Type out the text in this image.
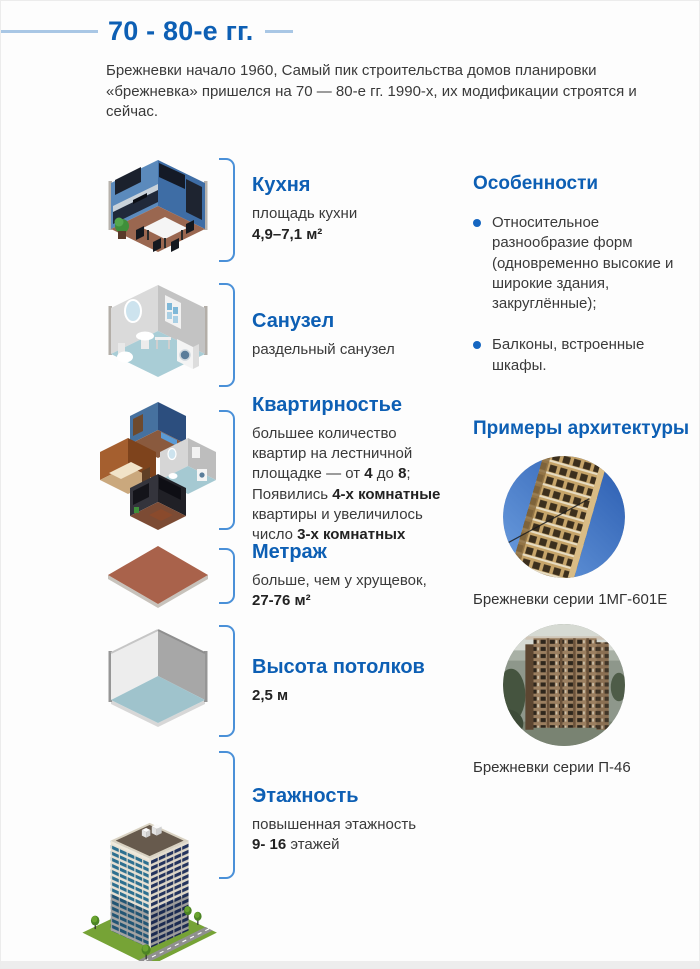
70 - 80-е гг.

Брежневки начало 1960, Самый пик строительства домов планировки «брежневка» пришелся на 70 — 80-е гг. 1990-х, их модификации строятся и сейчас.

Кухня

площадь кухни
4,9–7,1 м²

Санузел

раздельный санузел

Квартирностье

большее количество
квартир на лестничной
площадке — от 4 до 8;
Появились 4-х комнатные
квартиры и увеличилось
число 3-х комнатных

Метраж

больше, чем у хрущевок,
27-76 м²

Высота потолков

2,5 м

Этажность

повышенная этажность
9- 16 этажей

Особенности
Относительное разнообразие форм (одновременно высокие и широкие здания, закруглённые);
Балконы, встроенные шкафы.
Примеры архитектуры
Брежневки серии 1МГ-601Е
Брежневки серии П-46
